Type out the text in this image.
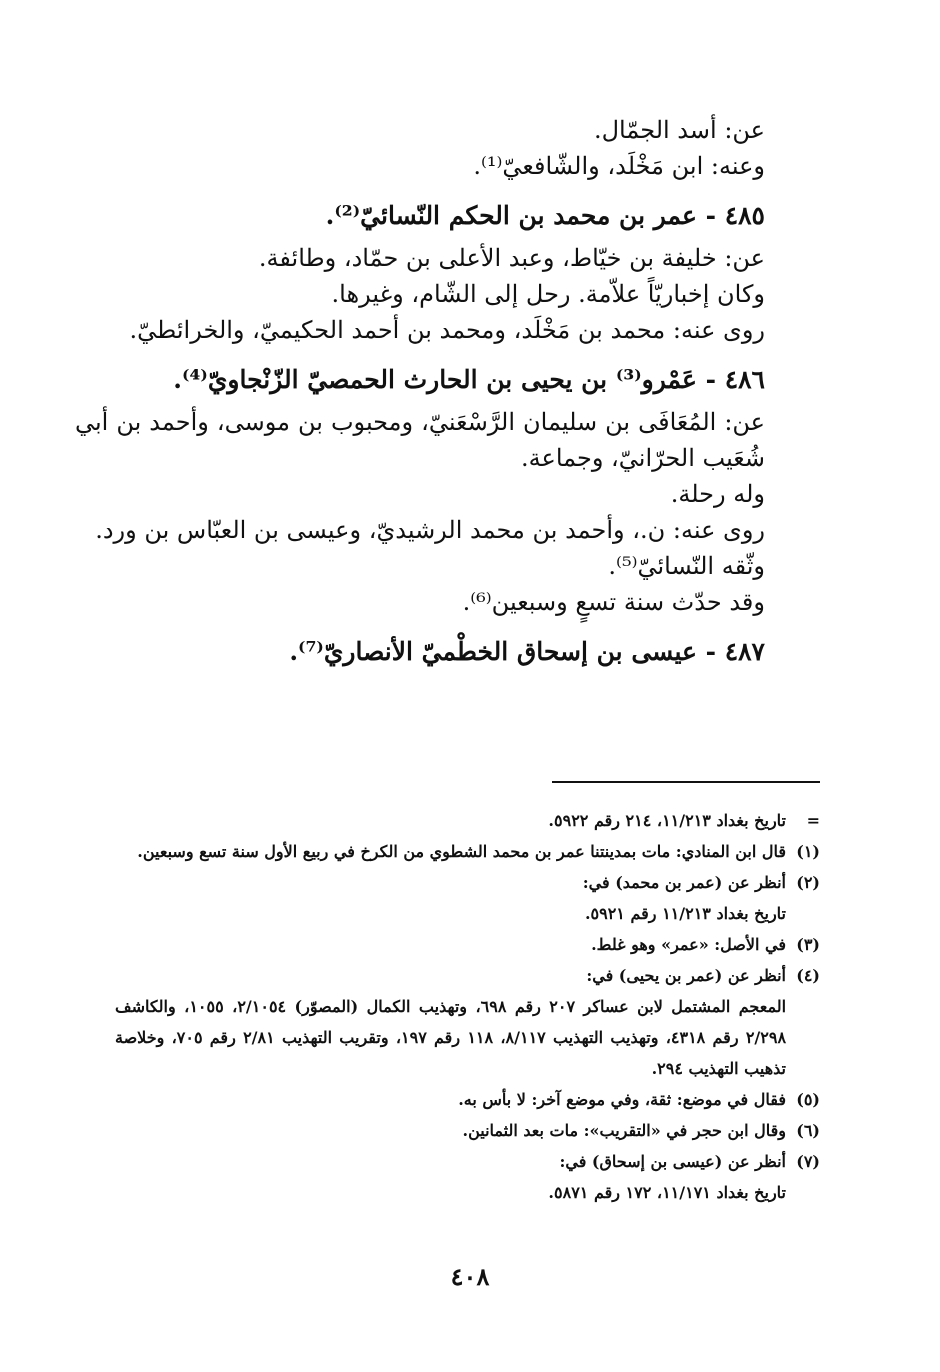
عن: أسد الجمّال.
وعنه: ابن مَخْلَد، والشّافعيّ⁽¹⁾.
٤٨٥ - عمر بن محمد بن الحكم النّسائيّ⁽²⁾.
عن: خليفة بن خيّاط، وعبد الأعلى بن حمّاد، وطائفة.
وكان إخباريّاً علاّمة. رحل إلى الشّام، وغيرها.
روى عنه: محمد بن مَخْلَد، ومحمد بن أحمد الحكيميّ، والخرائطيّ.
٤٨٦ - عَمْرو⁽³⁾ بن يحيى بن الحارث الحمصيّ الزّنْجاويّ⁽⁴⁾.
عن: المُعَافَى بن سليمان الرَّسْعَنيّ، ومحبوب بن موسى، وأحمد بن أبي شُعَيب الحرّانيّ، وجماعة.
وله رحلة.
روى عنه: ن.، وأحمد بن محمد الرشيديّ، وعيسى بن العبّاس بن ورد.
وثّقه النّسائيّ⁽⁵⁾.
وقد حدّث سنة تسعٍ وسبعين⁽⁶⁾.
٤٨٧ - عيسى بن إسحاق الخطْميّ الأنصاريّ⁽⁷⁾.
=
تاريخ بغداد ١١/٢١٣، ٢١٤ رقم ٥٩٢٢.
(١)
قال ابن المنادي: مات بمدينتنا عمر بن محمد الشطوي من الكرخ في ربيع الأول سنة تسع وسبعين.
(٢)
أنظر عن (عمر بن محمد) في:
تاريخ بغداد ١١/٢١٣ رقم ٥٩٢١.
(٣)
في الأصل: «عمر» وهو غلط.
(٤)
أنظر عن (عمر بن يحيى) في:
المعجم المشتمل لابن عساكر ٢٠٧ رقم ٦٩٨، وتهذيب الكمال (المصوّر) ٢/١٠٥٤، ١٠٥٥، والكاشف ٢/٢٩٨ رقم ٤٣١٨، وتهذيب التهذيب ٨/١١٧، ١١٨ رقم ١٩٧، وتقريب التهذيب ٢/٨١ رقم ٧٠٥، وخلاصة تذهيب التهذيب ٢٩٤.
(٥)
فقال في موضع: ثقة، وفي موضع آخر: لا بأس به.
(٦)
وقال ابن حجر في «التقريب»: مات بعد الثمانين.
(٧)
أنظر عن (عيسى بن إسحاق) في:
تاريخ بغداد ١١/١٧١، ١٧٢ رقم ٥٨٧١.
٤٠٨
